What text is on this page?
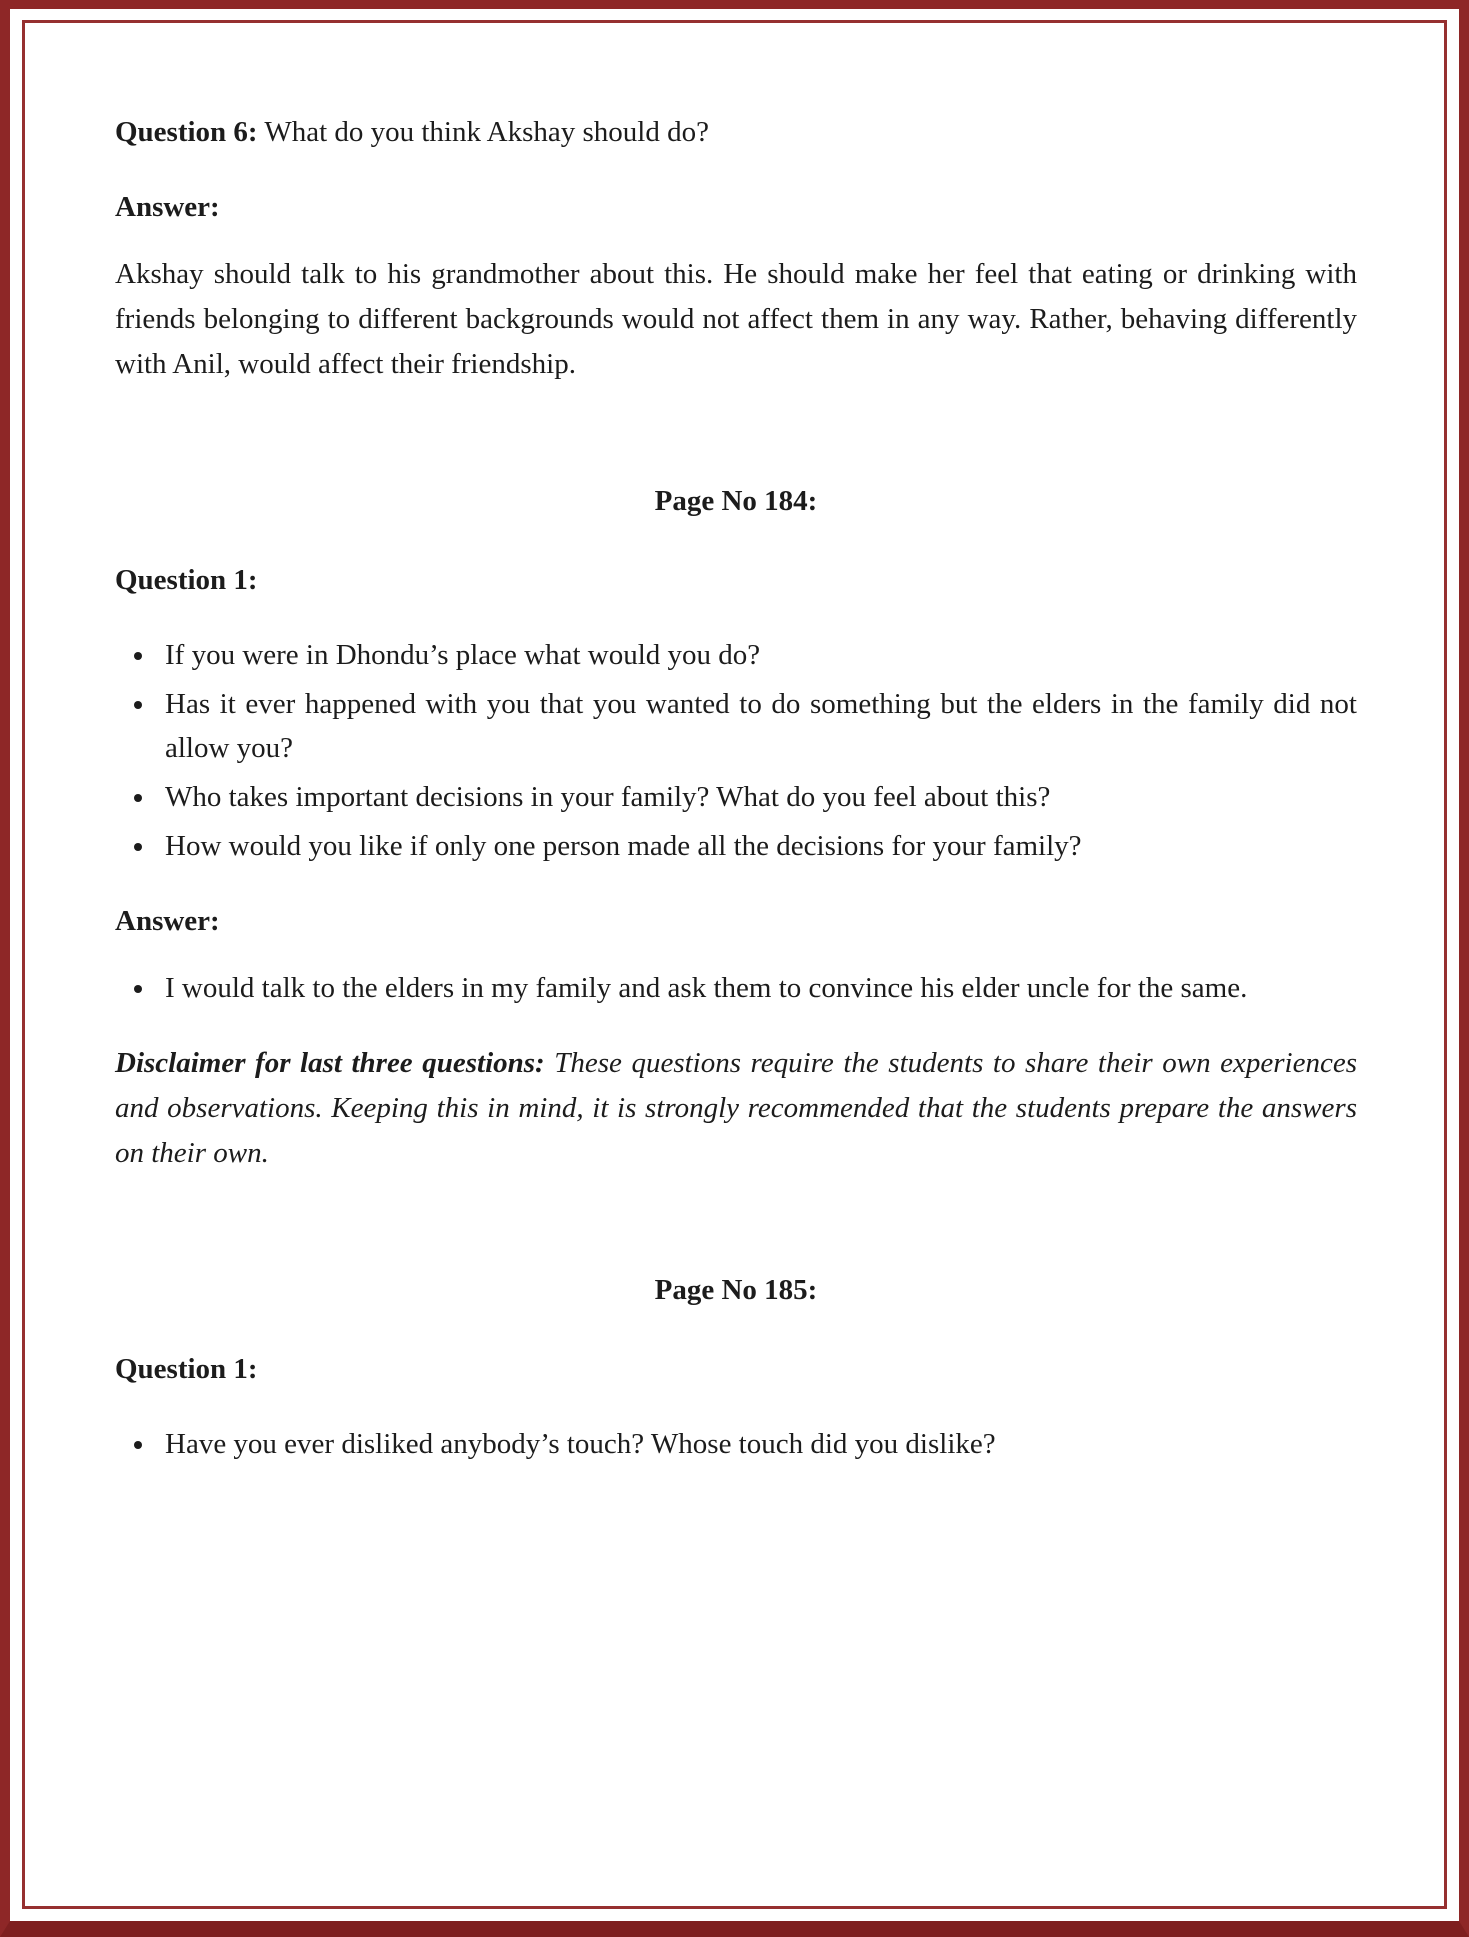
Question 6: What do you think Akshay should do?

Answer:

Akshay should talk to his grandmother about this. He should make her feel that eating or drinking with friends belonging to different backgrounds would not affect them in any way. Rather, behaving differently with Anil, would affect their friendship.

Page No 184:

Question 1:

• If you were in Dhondu’s place what would you do?
• Has it ever happened with you that you wanted to do something but the elders in the family did not allow you?
• Who takes important decisions in your family? What do you feel about this?
• How would you like if only one person made all the decisions for your family?

Answer:

• I would talk to the elders in my family and ask them to convince his elder uncle for the same.

Disclaimer for last three questions: These questions require the students to share their own experiences and observations. Keeping this in mind, it is strongly recommended that the students prepare the answers on their own.

Page No 185:

Question 1:

• Have you ever disliked anybody’s touch? Whose touch did you dislike?
